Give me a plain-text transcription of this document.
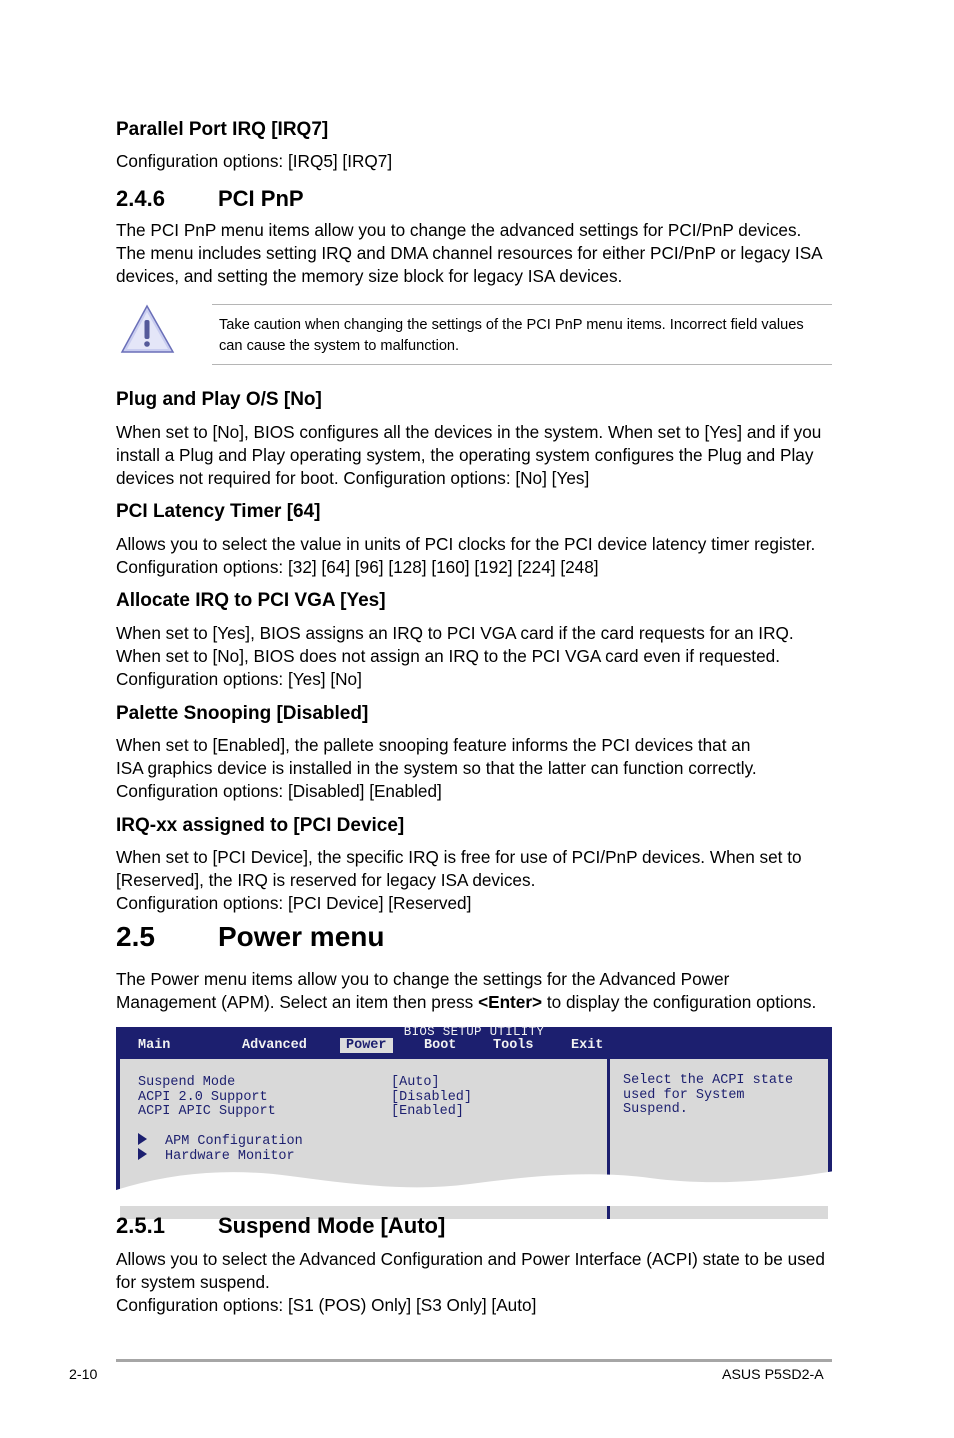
Parallel Port IRQ [IRQ7]
Configuration options: [IRQ5] [IRQ7]
2.4.6 PCI PnP
The PCI PnP menu items allow you to change the advanced settings for PCI/PnP devices.
The menu includes setting IRQ and DMA channel resources for either PCI/PnP or legacy ISA
devices, and setting the memory size block for legacy ISA devices.
Take caution when changing the settings of the PCI PnP menu items. Incorrect field values
can cause the system to malfunction.
Plug and Play O/S [No]
When set to [No], BIOS configures all the devices in the system. When set to [Yes] and if you
install a Plug and Play operating system, the operating system configures the Plug and Play
devices not required for boot. Configuration options: [No] [Yes]
PCI Latency Timer [64]
Allows you to select the value in units of PCI clocks for the PCI device latency timer register.
Configuration options: [32] [64] [96] [128] [160] [192] [224] [248]
Allocate IRQ to PCI VGA [Yes]
When set to [Yes], BIOS assigns an IRQ to PCI VGA card if the card requests for an IRQ.
When set to [No], BIOS does not assign an IRQ to the PCI VGA card even if requested.
Configuration options: [Yes] [No]
Palette Snooping [Disabled]
When set to [Enabled], the pallete snooping feature informs the PCI devices that an
ISA graphics device is installed in the system so that the latter can function correctly.
Configuration options: [Disabled] [Enabled]
IRQ-xx assigned to [PCI Device]
When set to [PCI Device], the specific IRQ is free for use of PCI/PnP devices. When set to
[Reserved], the IRQ is reserved for legacy ISA devices.
Configuration options: [PCI Device] [Reserved]
2.5 Power menu
The Power menu items allow you to change the settings for the Advanced Power
Management (APM). Select an item then press <Enter> to display the configuration options.
BIOS SETUP UTILITY
Main	Advanced	Power	Boot	Tools	Exit
Suspend Mode	[Auto]
ACPI 2.0 Support	[Disabled]
ACPI APIC Support	[Enabled]
APM Configuration
Hardware Monitor
Select the ACPI state
used for System
Suspend.
2.5.1 Suspend Mode [Auto]
Allows you to select the Advanced Configuration and Power Interface (ACPI) state to be used
for system suspend.
Configuration options: [S1 (POS) Only] [S3 Only] [Auto]
2-10	ASUS P5SD2-A
